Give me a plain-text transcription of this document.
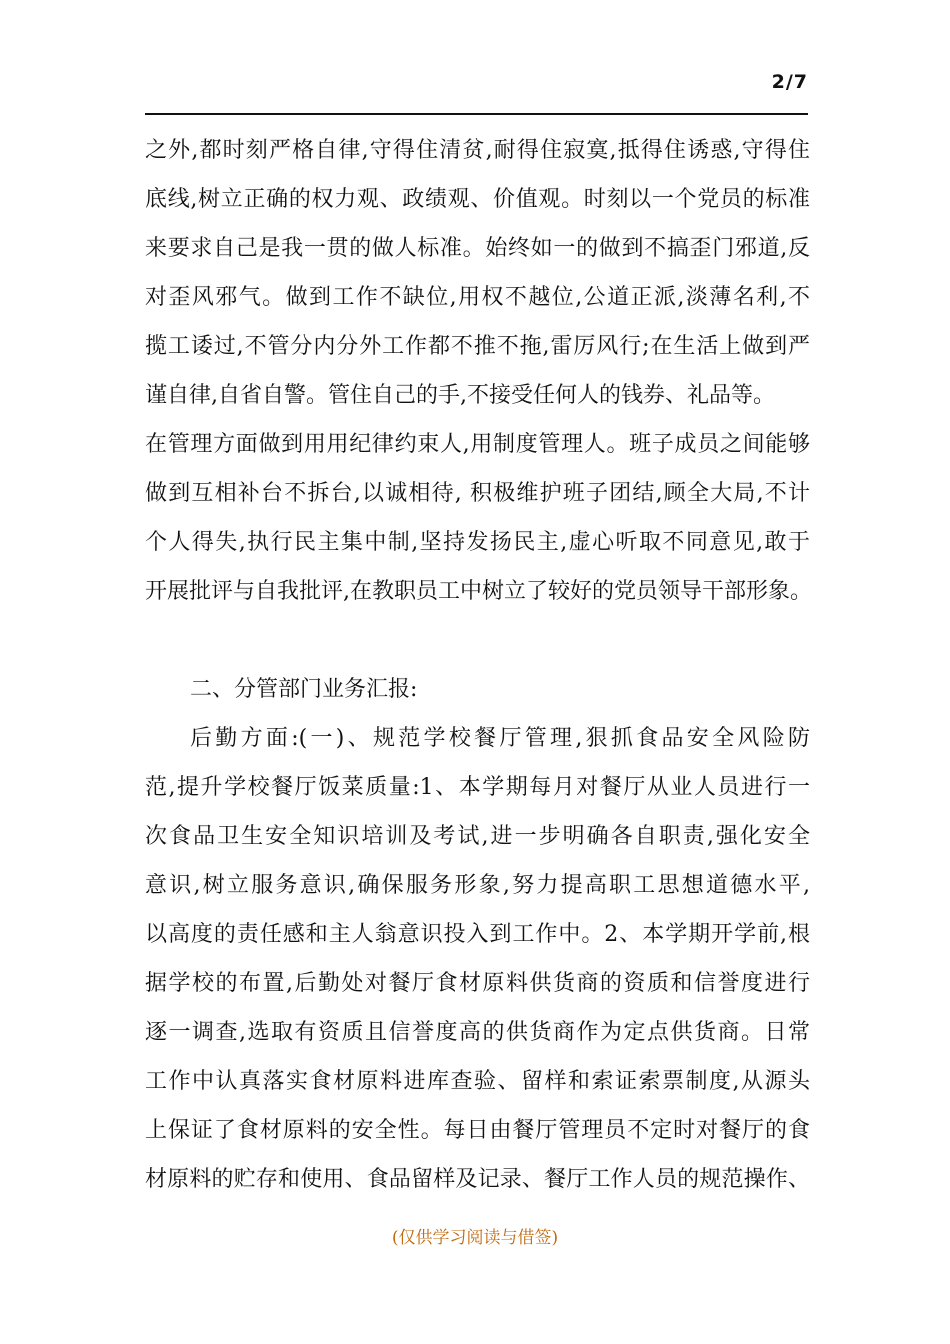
2/7
之外,都时刻严格自律,守得住清贫,耐得住寂寞,抵得住诱惑,守得住
底线,树立正确的权力观、政绩观、价值观。时刻以一个党员的标准
来要求自己是我一贯的做人标准。始终如一的做到不搞歪门邪道,反
对歪风邪气。做到工作不缺位,用权不越位,公道正派,淡薄名利,不
揽工诿过,不管分内分外工作都不推不拖,雷厉风行;在生活上做到严
谨自律,自省自警。管住自己的手,不接受任何人的钱券、礼品等。
在管理方面做到用用纪律约束人,用制度管理人。班子成员之间能够
做到互相补台不拆台,以诚相待, 积极维护班子团结,顾全大局,不计
个人得失,执行民主集中制,坚持发扬民主,虚心听取不同意见,敢于
开展批评与自我批评,在教职员工中树立了较好的党员领导干部形象。
二、分管部门业务汇报:
后勤方面:(一)、规范学校餐厅管理,狠抓食品安全风险防
范,提升学校餐厅饭菜质量:1、本学期每月对餐厅从业人员进行一
次食品卫生安全知识培训及考试,进一步明确各自职责,强化安全
意识,树立服务意识,确保服务形象,努力提高职工思想道德水平,
以高度的责任感和主人翁意识投入到工作中。2、本学期开学前,根
据学校的布置,后勤处对餐厅食材原料供货商的资质和信誉度进行
逐一调查,选取有资质且信誉度高的供货商作为定点供货商。日常
工作中认真落实食材原料进库查验、留样和索证索票制度,从源头
上保证了食材原料的安全性。每日由餐厅管理员不定时对餐厅的食
材原料的贮存和使用、食品留样及记录、餐厅工作人员的规范操作、
(仅供学习阅读与借签)
